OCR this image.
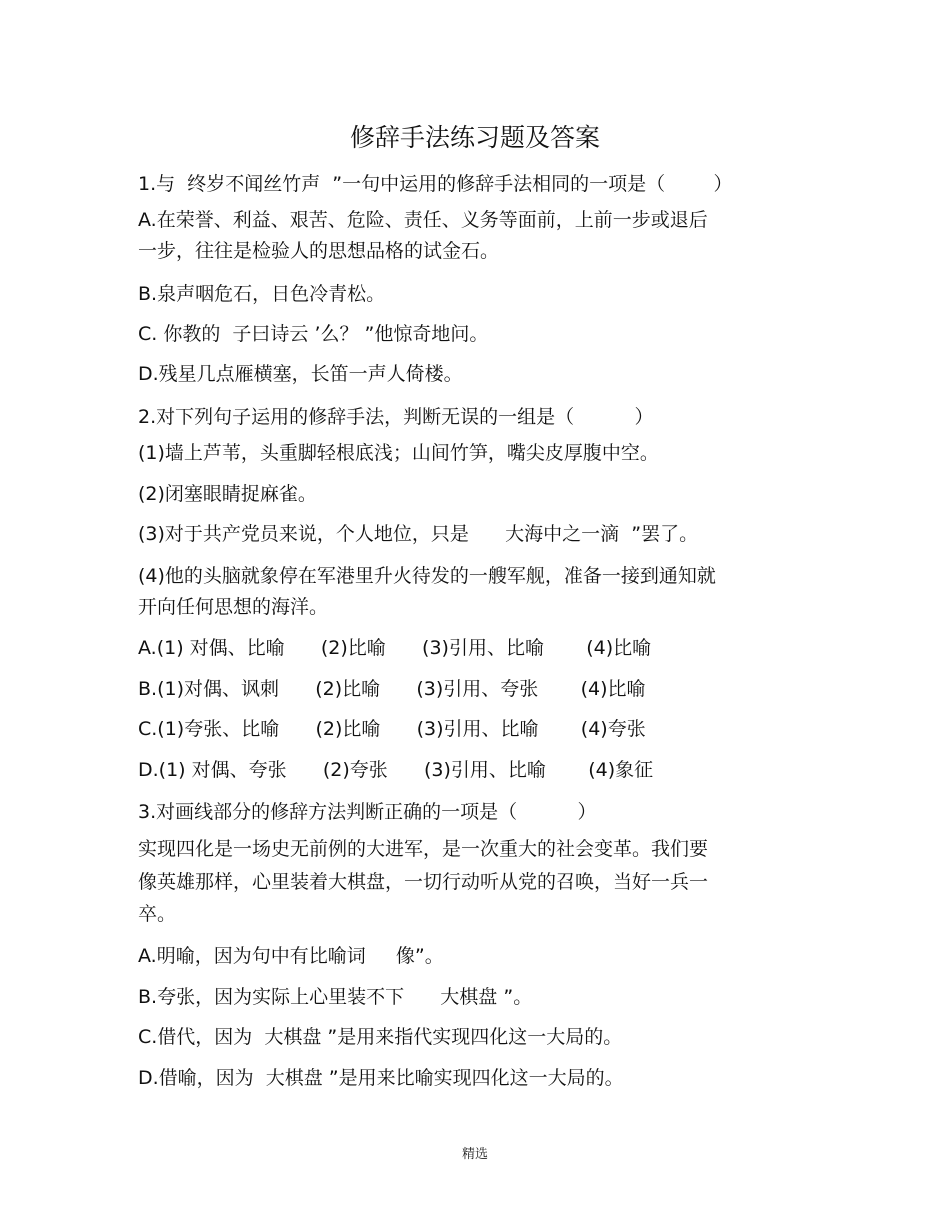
修辞手法练习题及答案
1.与  终岁不闻丝竹声  ”一句中运用的修辞手法相同的一项是（        ）
A.在荣誉、利益、艰苦、危险、责任、义务等面前，上前一步或退后
一步，往往是检验人的思想品格的试金石。
B.泉声咽危石，日色冷青松。
C. 你教的  子曰诗云 ’么？ ”他惊奇地问。
D.残星几点雁横塞，长笛一声人倚楼。
2.对下列句子运用的修辞手法，判断无误的一组是（          ）
(1)墙上芦苇，头重脚轻根底浅；山间竹笋，嘴尖皮厚腹中空。
(2)闭塞眼睛捉麻雀。
(3)对于共产党员来说，个人地位，只是      大海中之一滴  ”罢了。
(4)他的头脑就象停在军港里升火待发的一艘军舰，准备一接到通知就
开向任何思想的海洋。
A.(1) 对偶、比喻      (2)比喻      (3)引用、比喻       (4)比喻
B.(1)对偶、讽刺      (2)比喻      (3)引用、夸张       (4)比喻
C.(1)夸张、比喻      (2)比喻      (3)引用、比喻       (4)夸张
D.(1) 对偶、夸张      (2)夸张      (3)引用、比喻       (4)象征
3.对画线部分的修辞方法判断正确的一项是（          ）
实现四化是一场史无前例的大进军，是一次重大的社会变革。我们要
像英雄那样，心里装着大棋盘，一切行动听从党的召唤，当好一兵一
卒。
A.明喻，因为句中有比喻词     像”。
B.夸张，因为实际上心里装不下      大棋盘 ”。
C.借代，因为  大棋盘 ”是用来指代实现四化这一大局的。
D.借喻，因为  大棋盘 ”是用来比喻实现四化这一大局的。
精选
